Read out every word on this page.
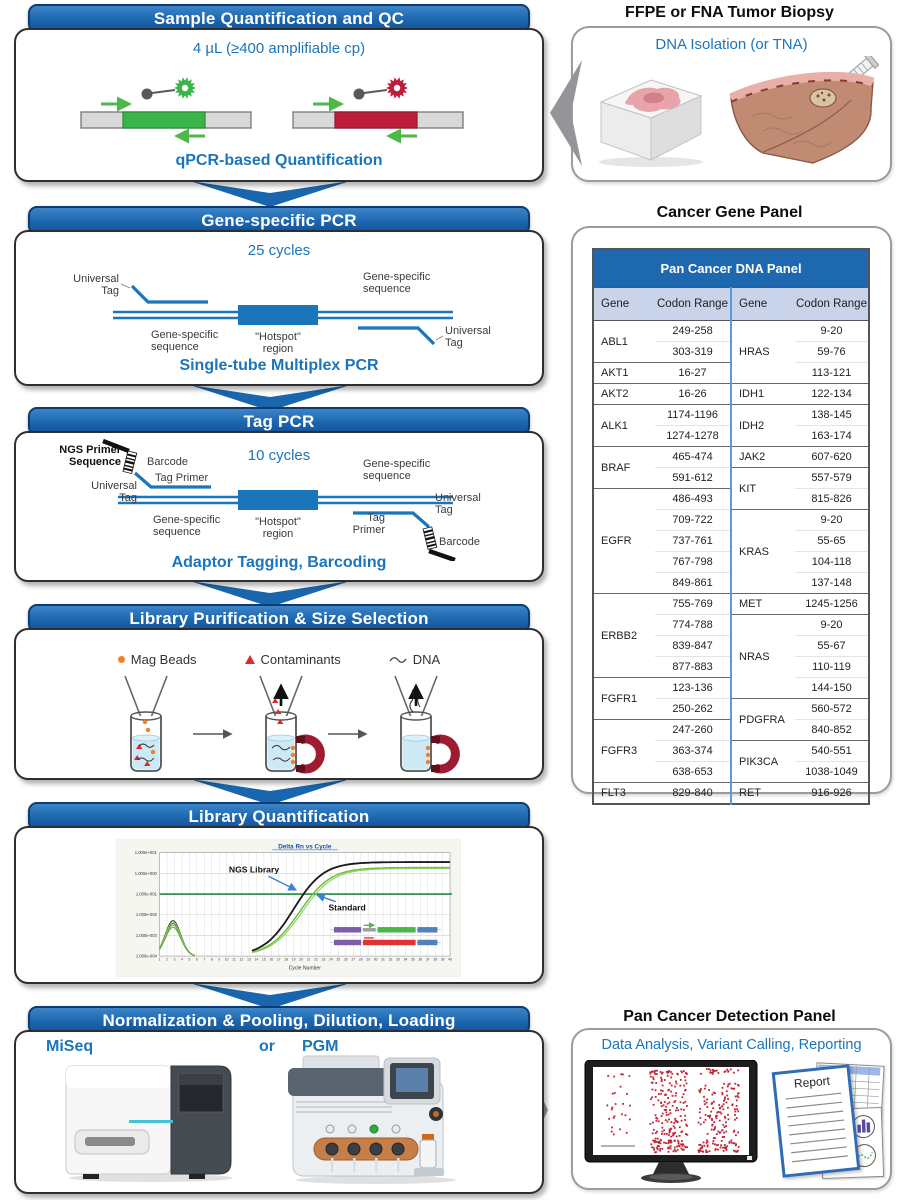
Sample Quantification and QC
4 µL (≥400 amplifiable cp)
qPCR-based Quantification
Gene-specific PCR
25 cycles
Universal
Tag
Gene-specific
sequence
"Hotspot"
region
Gene-specific
sequence
Universal
Tag
Single-tube Multiplex PCR
Tag PCR
10 cycles
NGS Primer
Sequence Barcode
Tag Primer
Universal
Tag
Gene-specific
sequence
"Hotspot"
region
Gene-specific
sequence
Universal
Tag
Tag
Primer
Barcode
Adaptor Tagging, Barcoding
Library Purification & Size Selection
Mag Beads	Contaminants	DNA
Library Quantification
1 2 3 4 5 6 7 8 9 10 11 12 13 14 15 16 17 18 19 20 21 22 23 24 25 26 27 28 29 30 31 32 33 34 35 36 37 38 39 40
1.000e+001
1.000e+000
1.000e-001
1.000e-002
1.000e-003
1.000e-004
Delta Rn vs Cycle
Cycle Number
NGS Library
Standard
Normalization & Pooling, Dilution, Loading
MiSeq	or PGM
FFPE or FNA Tumor Biopsy
DNA Isolation (or TNA)
Cancer Gene Panel
Pan Cancer DNA Panel			
Gene	Codon Range	Gene	Codon Range
ABL1	249-258	HRAS	9-20
	303-319		59-76
AKT1	16-27		113-121
AKT2	16-26	IDH1	122-134
ALK1	1174-1196	IDH2	138-145
	1274-1278		163-174
BRAF	465-474	JAK2	607-620
	591-612	KIT	557-579
EGFR	486-493		815-826
	709-722	KRAS	9-20
	737-761		55-65
	767-798		104-118
	849-861		137-148
ERBB2	755-769	MET	1245-1256
	774-788	NRAS	9-20
	839-847		55-67
	877-883		110-119
FGFR1	123-136		144-150
	250-262	PDGFRA	560-572
FGFR3	247-260		840-852
	363-374	PIK3CA	540-551
	638-653		1038-1049
FLT3	829-840	RET	916-926
Pan Cancer Detection Panel
Data Analysis, Variant Calling, Reporting
Report
